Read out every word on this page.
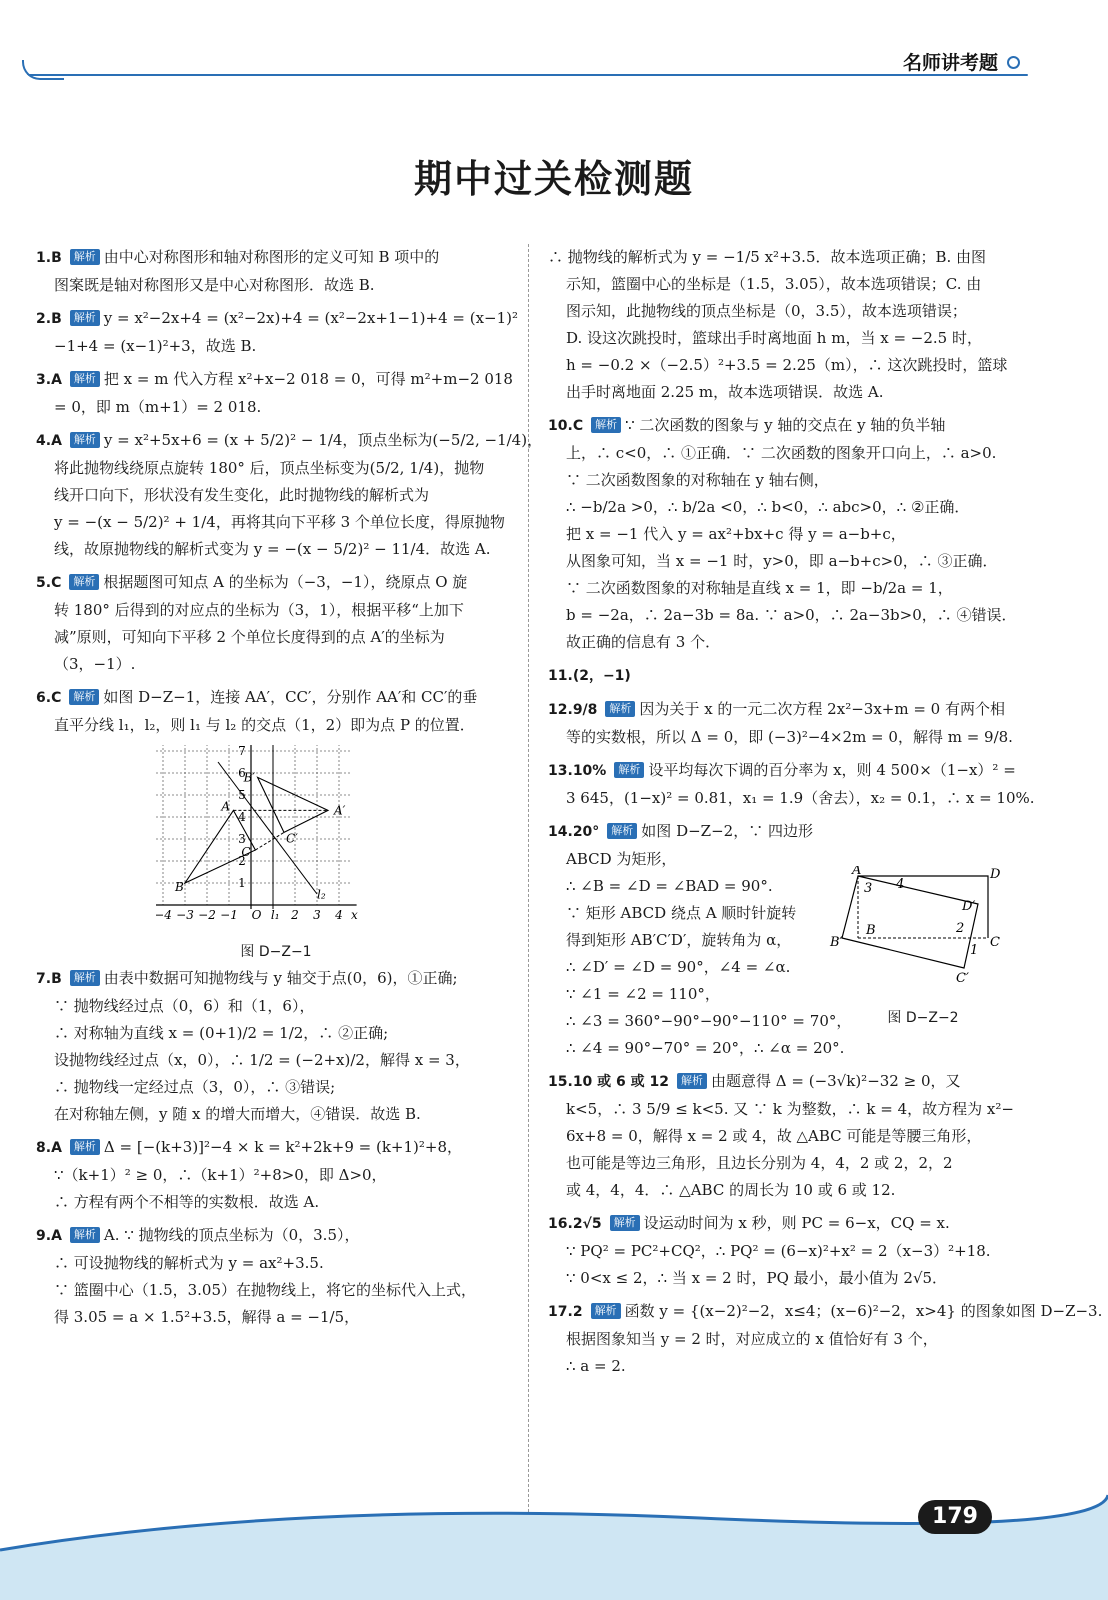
名师讲考题
期中过关检测题
1.B 解析 由中心对称图形和轴对称图形的定义可知 B 项中的
图案既是轴对称图形又是中心对称图形．故选 B.
2.B 解析 y = x²−2x+4 = (x²−2x)+4 = (x²−2x+1−1)+4 = (x−1)²
−1+4 = (x−1)²+3，故选 B.
3.A 解析 把 x = m 代入方程 x²+x−2 018 = 0，可得 m²+m−2 018
= 0，即 m（m+1）= 2 018.
4.A 解析 y = x²+5x+6 = (x + 5/2)² − 1/4，顶点坐标为(−5/2, −1/4)，
将此抛物线绕原点旋转 180° 后，顶点坐标变为(5/2, 1/4)，抛物
线开口向下，形状没有发生变化，此时抛物线的解析式为
y = −(x − 5/2)² + 1/4，再将其向下平移 3 个单位长度，得原抛物
线，故原抛物线的解析式变为 y = −(x − 5/2)² − 11/4．故选 A.
5.C 解析 根据题图可知点 A 的坐标为（−3，−1），绕原点 O 旋
转 180° 后得到的对应点的坐标为（3，1），根据平移“上加下
减”原则，可知向下平移 2 个单位长度得到的点 A′的坐标为
（3，−1）.
6.C 解析 如图 D−Z−1，连接 AA′，CC′，分别作 AA′和 CC′的垂
直平分线 l₁，l₂，则 l₁ 与 l₂ 的交点（1，2）即为点 P 的位置．
4 −3 −2 −1 O l₁ 2 3 4 x
7
6
5
4
3
2
1
B′
A	A′
C
C′
B
l₂
图 D−Z−1
7.B 解析 由表中数据可知抛物线与 y 轴交于点(0，6)，①正确;
∵ 抛物线经过点（0，6）和（1，6），
∴ 对称轴为直线 x = (0+1)/2 = 1/2，∴ ②正确;
设抛物线经过点（x，0），∴ 1/2 = (−2+x)/2，解得 x = 3，
∴ 抛物线一定经过点（3，0），∴ ③错误;
在对称轴左侧，y 随 x 的增大而增大，④错误．故选 B.
8.A 解析 Δ = [−(k+3)]²−4 × k = k²+2k+9 = (k+1)²+8，
∵（k+1）² ≥ 0，∴（k+1）²+8>0，即 Δ>0，
∴ 方程有两个不相等的实数根．故选 A.
9.A 解析 A. ∵ 抛物线的顶点坐标为（0，3.5），
∴ 可设抛物线的解析式为 y = ax²+3.5.
∵ 篮圈中心（1.5，3.05）在抛物线上，将它的坐标代入上式，
得 3.05 = a × 1.5²+3.5，解得 a = −1/5，
∴ 抛物线的解析式为 y = −1/5 x²+3.5．故本选项正确；B. 由图
示知，篮圈中心的坐标是（1.5，3.05），故本选项错误；C. 由
图示知，此抛物线的顶点坐标是（0，3.5），故本选项错误；
D. 设这次跳投时，篮球出手时离地面 h m，当 x = −2.5 时，
h = −0.2 ×（−2.5）²+3.5 = 2.25（m），∴ 这次跳投时，篮球
出手时离地面 2.25 m，故本选项错误．故选 A.
10.C 解析 ∵ 二次函数的图象与 y 轴的交点在 y 轴的负半轴
上，∴ c<0，∴ ①正确．∵ 二次函数的图象开口向上，∴ a>0.
∵ 二次函数图象的对称轴在 y 轴右侧，
∴ −b/2a >0，∴ b/2a <0，∴ b<0，∴ abc>0，∴ ②正确．
把 x = −1 代入 y = ax²+bx+c 得 y = a−b+c，
从图象可知，当 x = −1 时，y>0，即 a−b+c>0，∴ ③正确．
∵ 二次函数图象的对称轴是直线 x = 1，即 −b/2a = 1，
b = −2a，∴ 2a−3b = 8a. ∵ a>0，∴ 2a−3b>0，∴ ④错误．
故正确的信息有 3 个．
11.(2，−1)
12.9/8 解析 因为关于 x 的一元二次方程 2x²−3x+m = 0 有两个相
等的实数根，所以 Δ = 0，即 (−3)²−4×2m = 0，解得 m = 9/8.
13.10% 解析 设平均每次下调的百分率为 x，则 4 500×（1−x）² =
3 645，(1−x)² = 0.81，x₁ = 1.9（舍去），x₂ = 0.1，∴ x = 10%.
14.20° 解析 如图 D−Z−2，∵ 四边形
ABCD 为矩形，
∴ ∠B = ∠D = ∠BAD = 90°.
∵ 矩形 ABCD 绕点 A 顺时针旋转
得到矩形 AB′C′D′，旋转角为 α，
∴ ∠D′ = ∠D = 90°，∠4 = ∠α.
∵ ∠1 = ∠2 = 110°，
∴ ∠3 = 360°−90°−90°−110° = 70°，
∴ ∠4 = 90°−70° = 20°，∴ ∠α = 20°.
15.10 或 6 或 12 解析 由题意得 Δ = (−3√k)²−32 ≥ 0，又
k<5，∴ 3 5/9 ≤ k<5. 又 ∵ k 为整数，∴ k = 4，故方程为 x²−
6x+8 = 0，解得 x = 2 或 4，故 △ABC 可能是等腰三角形，
也可能是等边三角形，且边长分别为 4，4，2 或 2，2，2
或 4，4，4．∴ △ABC 的周长为 10 或 6 或 12.
16.2√5 解析 设运动时间为 x 秒，则 PC = 6−x，CQ = x.
∵ PQ² = PC²+CQ²，∴ PQ² = (6−x)²+x² = 2（x−3）²+18.
∵ 0<x ≤ 2，∴ 当 x = 2 时，PQ 最小，最小值为 2√5．
17.2 解析 函数 y = {(x−2)²−2，x≤4；(x−6)²−2，x>4} 的图象如图 D−Z−3.
根据图象知当 y = 2 时，对应成立的 x 值恰好有 3 个，
∴ a = 2.
A	D
3 4
D′
B	2
C
B′
1
C′
图 D−Z−2
179
